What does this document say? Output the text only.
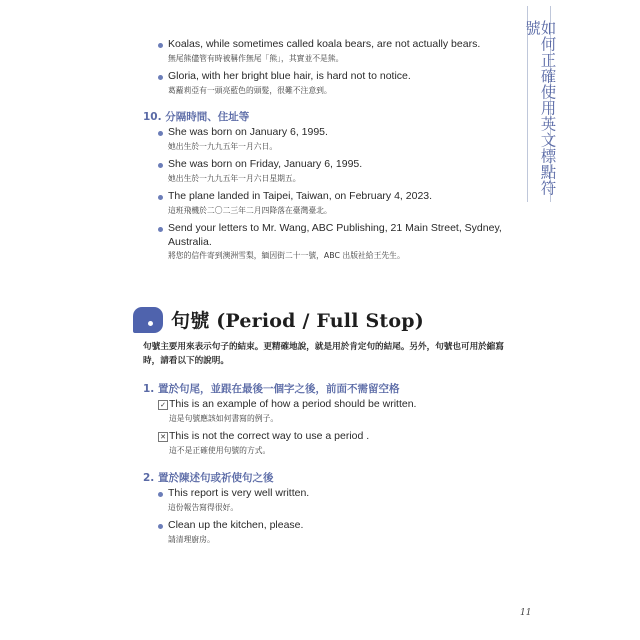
如何正確使用英文標點符號
Koalas, while sometimes called koala bears, are not actually bears.
無尾熊儘管有時被稱作無尾「熊」，其實並不是熊。
Gloria, with her bright blue hair, is hard not to notice.
葛蘿莉亞有一頭亮藍色的頭髮，很難不注意到。
10. 分隔時間、住址等
She was born on January 6, 1995.
她出生於一九九五年一月六日。
She was born on Friday, January 6, 1995.
她出生於一九九五年一月六日星期五。
The plane landed in Taipei, Taiwan, on February 4, 2023.
這班飛機於二〇二三年二月四降落在臺灣臺北。
Send your letters to Mr. Wang, ABC Publishing, 21 Main Street, Sydney, Australia.
將您的信件寄到澳洲雪梨，緬因街二十一號，ABC 出版社給王先生。
句號 (Period / Full Stop)
句號主要用來表示句子的結束。更精確地說，就是用於肯定句的結尾。另外，句號也可用於縮寫時，請看以下的說明。
1. 置於句尾，並跟在最後一個字之後，前面不需留空格
✓ This is an example of how a period should be written.
這是句號應該如何書寫的例子。
✕ This is not the correct way to use a period .
這不是正確使用句號的方式。
2. 置於陳述句或祈使句之後
This report is very well written.
這份報告寫得很好。
Clean up the kitchen, please.
請清理廚房。
11
